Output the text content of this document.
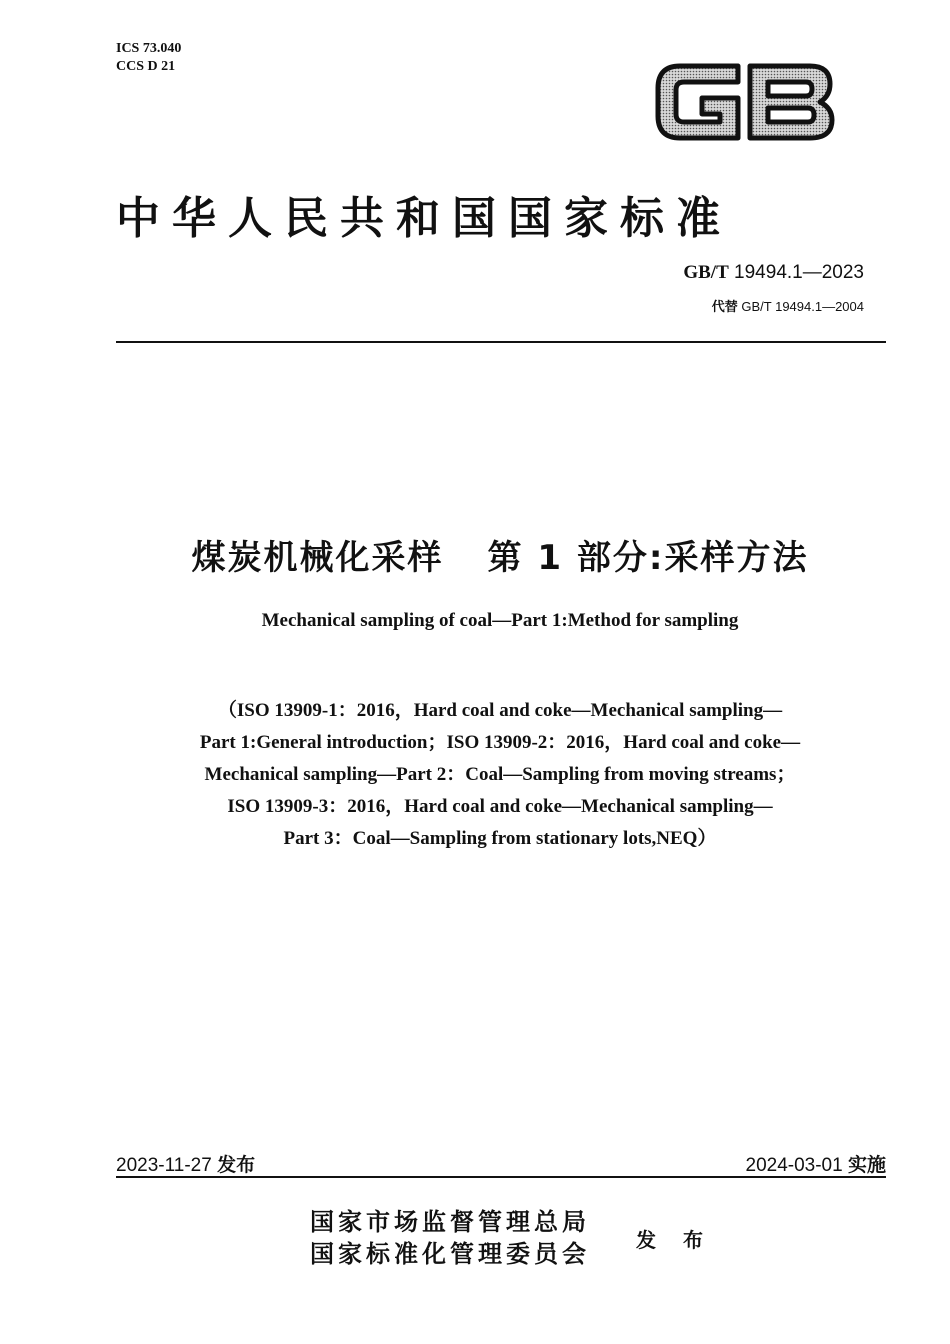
ICS 73.040
CCS D 21
中华人民共和国国家标准
GB/T 19494.1—2023
代替 GB/T 19494.1—2004
煤炭机械化采样 第 1 部分:采样方法
Mechanical sampling of coal—Part 1:Method for sampling
（ISO 13909-1：2016，Hard coal and coke—Mechanical sampling—
Part 1:General introduction；ISO 13909-2：2016，Hard coal and coke—
Mechanical sampling—Part 2：Coal—Sampling from moving streams；
ISO 13909-3：2016，Hard coal and coke—Mechanical sampling—
Part 3：Coal—Sampling from stationary lots,NEQ）
2023-11-27 发布	2024-03-01 实施
国家市场监督管理总局
国家标准化管理委员会 发 布
